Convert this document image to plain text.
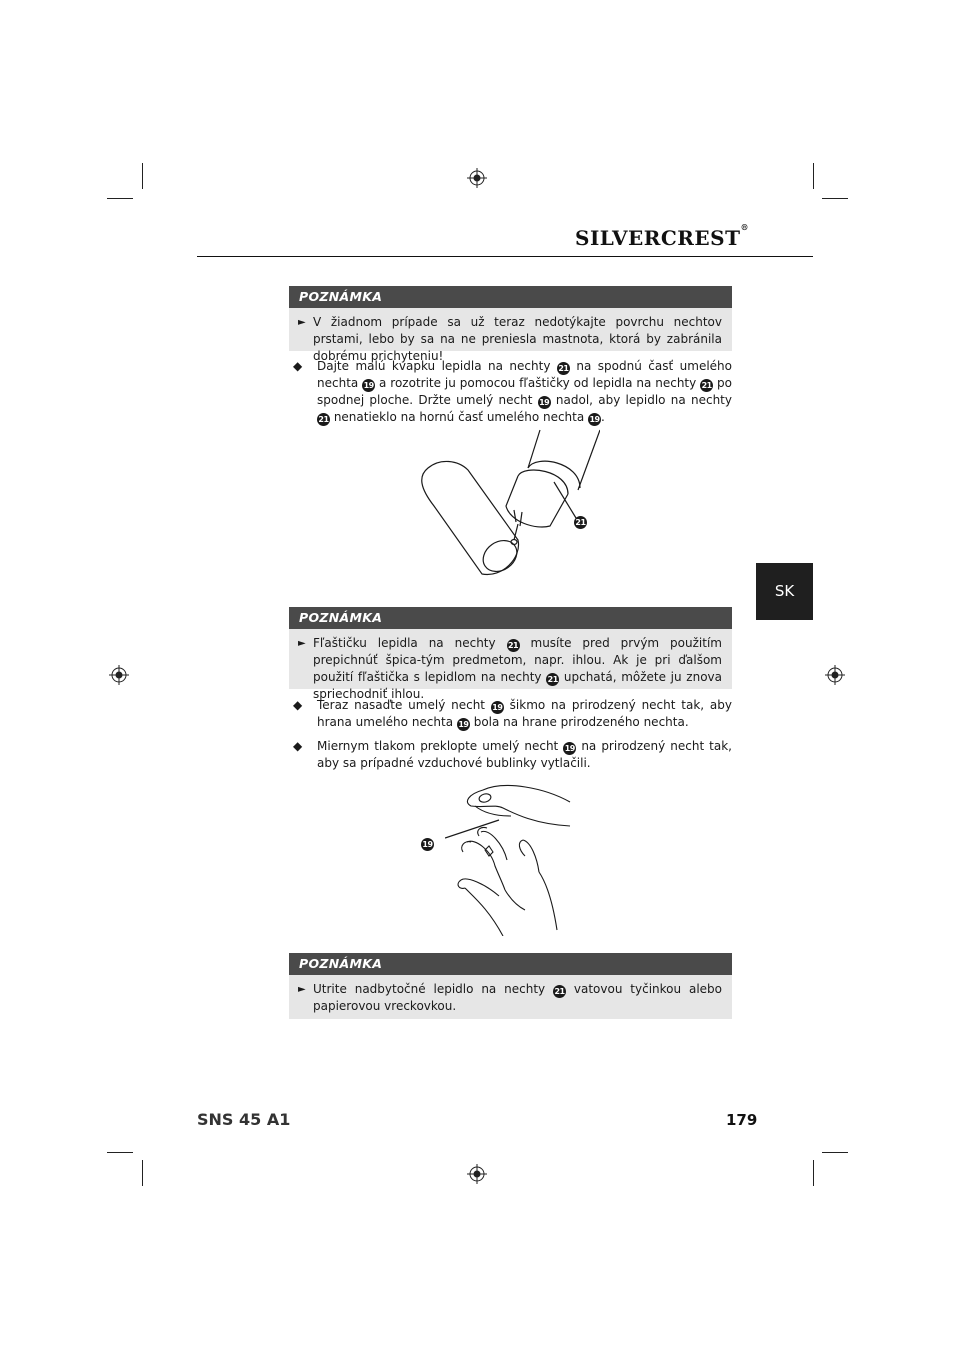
SILVERCREST®
POZNÁMKA
► V žiadnom prípade sa už teraz nedotýkajte povrchu nechtov prstami, lebo by sa na ne preniesla mastnota, ktorá by zabránila dobrému prichyteniu!
◆ Dajte malú kvapku lepidla na nechty 21 na spodnú časť umelého nechta 19 a rozotrite ju pomocou fľaštičky od lepidla na nechty 21 po spodnej ploche. Držte umelý necht 19 nadol, aby lepidlo na nechty 21 nenatieklo na hornú časť umelého nechta 19.
21
SK
POZNÁMKA
► Fľaštičku lepidla na nechty 21 musíte pred prvým použitím prepichnúť špica-tým predmetom, napr. ihlou. Ak je pri ďalšom použití fľaštička s lepidlom na nechty 21 upchatá, môžete ju znova spriechodniť ihlou.
◆ Teraz nasaďte umelý necht 19 šikmo na prirodzený necht tak, aby hrana umelého nechta 19 bola na hrane prirodzeného nechta.
◆ Miernym tlakom preklopte umelý necht 19 na prirodzený necht tak, aby sa prípadné vzduchové bublinky vytlačili.
19
POZNÁMKA
► Utrite nadbytočné lepidlo na nechty 21 vatovou tyčinkou alebo papierovou vreckovkou.
SNS 45 A1	179
